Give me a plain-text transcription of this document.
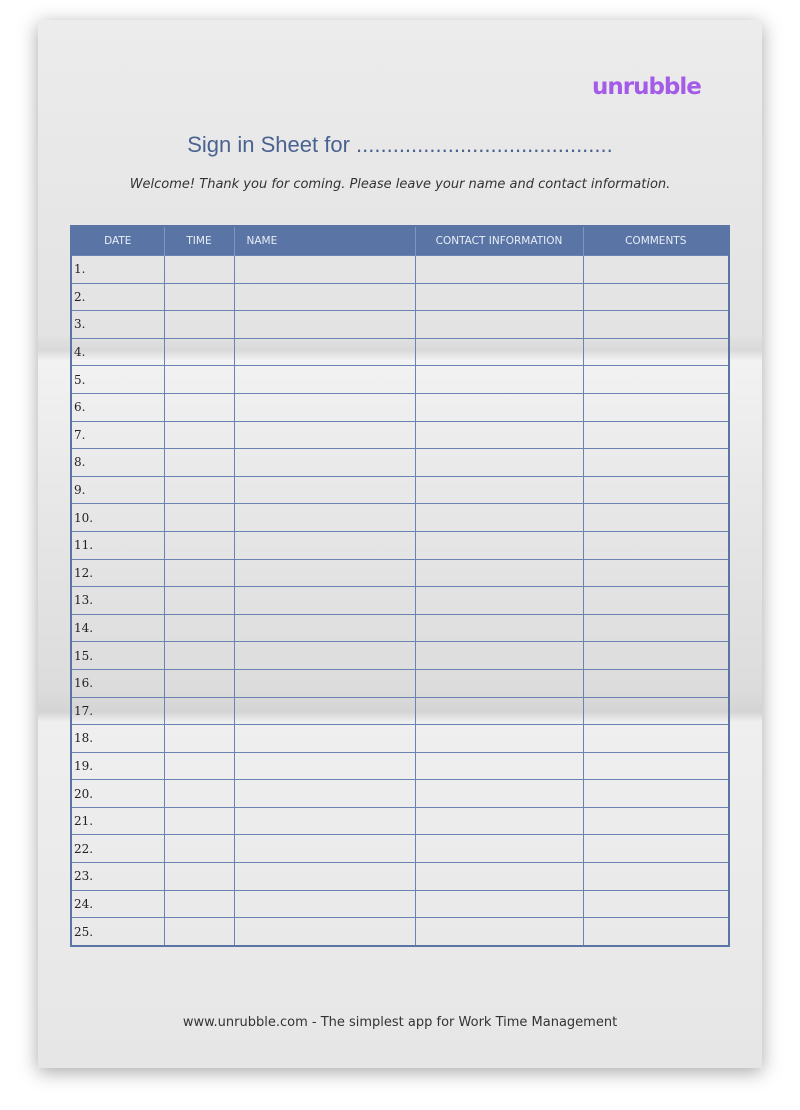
unrubble
Sign in Sheet for ..........................................
Welcome! Thank you for coming. Please leave your name and contact information.
DATE	TIME	NAME	CONTACT INFORMATION	COMMENTS
1.				
2.				
3.				
4.				
5.				
6.				
7.				
8.				
9.				
10.				
11.				
12.				
13.				
14.				
15.				
16.				
17.				
18.				
19.				
20.				
21.				
22.				
23.				
24.				
25.				
www.unrubble.com - The simplest app for Work Time Management
